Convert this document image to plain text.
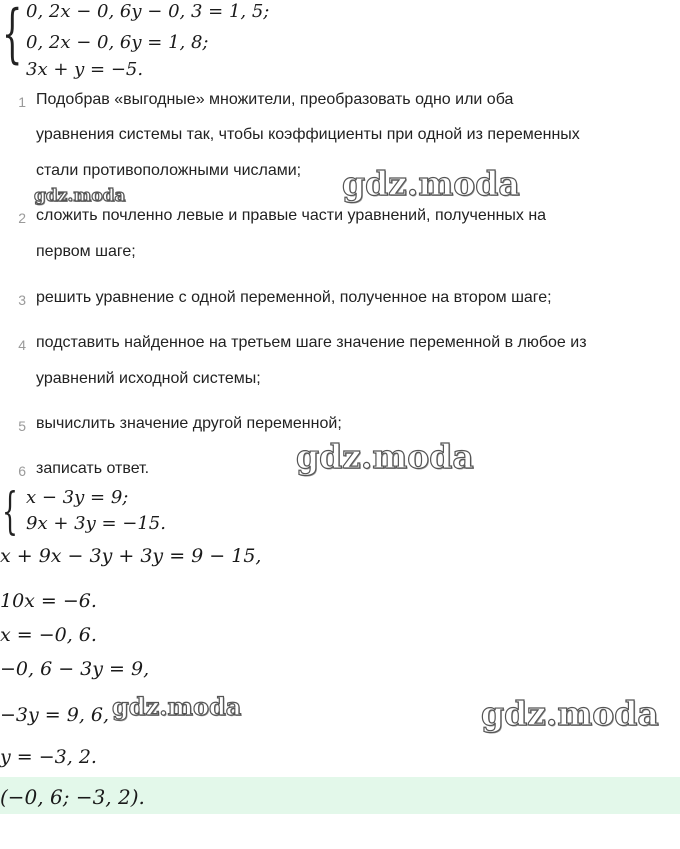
{ 0, 2x − 0, 6y − 0, 3 = 1, 5;
0, 2x − 0, 6y = 1, 8;
3x + y = −5.
1 Подобрав «выгодные» множители, преобразовать одно или оба
уравнения системы так, чтобы коэффициенты при одной из переменных
стали противоположными числами;
2 сложить почленно левые и правые части уравнений, полученных на
первом шаге;
3 решить уравнение с одной переменной, полученное на втором шаге;
4 подставить найденное на третьем шаге значение переменной в любое из
уравнений исходной системы;
5 вычислить значение другой переменной;
6 записать ответ.
{ x − 3y = 9;
9x + 3y = −15.
x + 9x − 3y + 3y = 9 − 15,
10x = −6.
x = −0, 6.
−0, 6 − 3y = 9,
−3y = 9, 6,
y = −3, 2.
(−0, 6; −3, 2).
gdz.moda	gdz.moda
gdz.moda
gdz.moda	gdz.moda
